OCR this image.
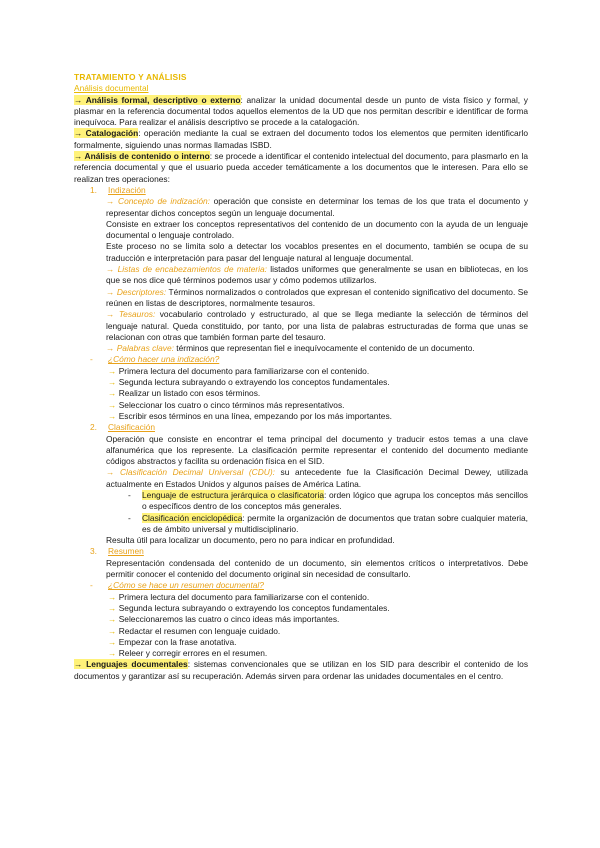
TRATAMIENTO Y ANÁLISIS
Análisis documental
→ Análisis formal, descriptivo o externo: analizar la unidad documental desde un punto de vista físico y formal, y plasmar en la referencia documental todos aquellos elementos de la UD que nos permitan describir e identificar de forma inequívoca. Para realizar el análisis descriptivo se procede a la catalogación.
→ Catalogación: operación mediante la cual se extraen del documento todos los elementos que permiten identificarlo formalmente, siguiendo unas normas llamadas ISBD.
→ Análisis de contenido o interno: se procede a identificar el contenido intelectual del documento, para plasmarlo en la referencia documental y que el usuario pueda acceder temáticamente a los documentos que le interesen. Para ello se realizan tres operaciones:
1. Indización
→ Concepto de indización: operación que consiste en determinar los temas de los que trata el documento y representar dichos conceptos según un lenguaje documental.
Consiste en extraer los conceptos representativos del contenido de un documento con la ayuda de un lenguaje documental o lenguaje controlado.
Este proceso no se limita solo a detectar los vocablos presentes en el documento, también se ocupa de su traducción e interpretación para pasar del lenguaje natural al lenguaje documental.
→ Listas de encabezamientos de materia: listados uniformes que generalmente se usan en bibliotecas, en los que se nos dice qué términos podemos usar y cómo podemos utilizarlos.
→ Descriptores: Términos normalizados o controlados que expresan el contenido significativo del documento. Se reúnen en listas de descriptores, normalmente tesauros.
→ Tesauros: vocabulario controlado y estructurado, al que se llega mediante la selección de términos del lenguaje natural. Queda constituido, por tanto, por una lista de palabras estructuradas de forma que unas se relacionan con otras que también forman parte del tesauro.
→ Palabras clave: términos que representan fiel e inequívocamente el contenido de un documento.
- ¿Cómo hacer una indización?
→ Primera lectura del documento para familiarizarse con el contenido.
→ Segunda lectura subrayando o extrayendo los conceptos fundamentales.
→ Realizar un listado con esos términos.
→ Seleccionar los cuatro o cinco términos más representativos.
→ Escribir esos términos en una línea, empezando por los más importantes.
2. Clasificación
Operación que consiste en encontrar el tema principal del documento y traducir estos temas a una clave alfanumérica que los represente. La clasificación permite representar el contenido del documento mediante códigos abstractos y facilita su ordenación física en el SID.
→ Clasificación Decimal Universal (CDU): su antecedente fue la Clasificación Decimal Dewey, utilizada actualmente en Estados Unidos y algunos países de América Latina.
- Lenguaje de estructura jerárquica o clasificatoria: orden lógico que agrupa los conceptos más sencillos o específicos dentro de los conceptos más generales.
- Clasificación enciclopédica: permite la organización de documentos que tratan sobre cualquier materia, es de ámbito universal y multidisciplinario.
Resulta útil para localizar un documento, pero no para indicar en profundidad.
3. Resumen
Representación condensada del contenido de un documento, sin elementos críticos o interpretativos. Debe permitir conocer el contenido del documento original sin necesidad de consultarlo.
- ¿Cómo se hace un resumen documental?
→ Primera lectura del documento para familiarizarse con el contenido.
→ Segunda lectura subrayando o extrayendo los conceptos fundamentales.
→ Seleccionaremos las cuatro o cinco ideas más importantes.
→ Redactar el resumen con lenguaje cuidado.
→ Empezar con la frase anotativa.
→ Releer y corregir errores en el resumen.
→ Lenguajes documentales: sistemas convencionales que se utilizan en los SID para describir el contenido de los documentos y garantizar así su recuperación. Además sirven para ordenar las unidades documentales en el centro.
